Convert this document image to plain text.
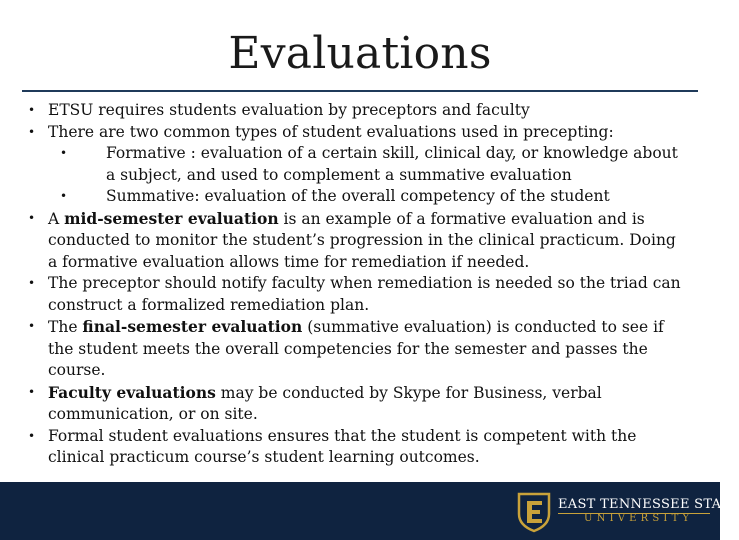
Evaluations
• ETSU requires students evaluation by preceptors and faculty
• There are two common types of student evaluations used in precepting:
•	Formative : evaluation of a certain skill, clinical day, or knowledge about a subject, and used to complement a summative evaluation
•	Summative: evaluation of the overall competency of the student
• A mid-semester evaluation is an example of a formative evaluation and is conducted to monitor the student’s progression in the clinical practicum. Doing a formative evaluation allows time for remediation if needed.
• The preceptor should notify faculty when remediation is needed so the triad can construct a formalized remediation plan.
• The final-semester evaluation (summative evaluation) is conducted to see if the student meets the overall competencies for the semester and passes the course.
• Faculty evaluations may be conducted by Skype for Business, verbal communication, or on site.
• Formal student evaluations ensures that the student is competent with the clinical practicum course’s student learning outcomes.
EAST TENNESSEE STATE
UNIVERSITY
